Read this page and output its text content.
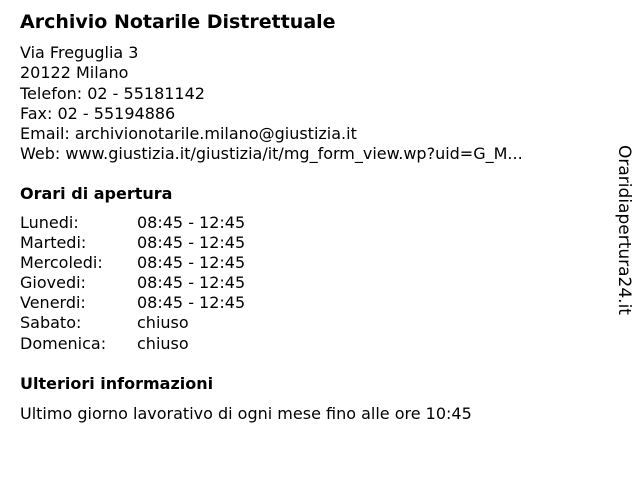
Archivio Notarile Distrettuale
Via Freguglia 3
20122 Milano
Telefon: 02 - 55181142
Fax: 02 - 55194886
Email: archivionotarile.milano@giustizia.it
Web: www.giustizia.it/giustizia/it/mg_form_view.wp?uid=G_M...
Orari di apertura
Lunedi:	08:45 - 12:45
Martedi:	08:45 - 12:45
Mercoledi: 08:45 - 12:45
Giovedi:	08:45 - 12:45
Venerdi:	08:45 - 12:45
Sabato:	chiuso
Domenica: chiuso
Ulteriori informazioni
Ultimo giorno lavorativo di ogni mese fino alle ore 10:45
Oraridiapertura24.it
